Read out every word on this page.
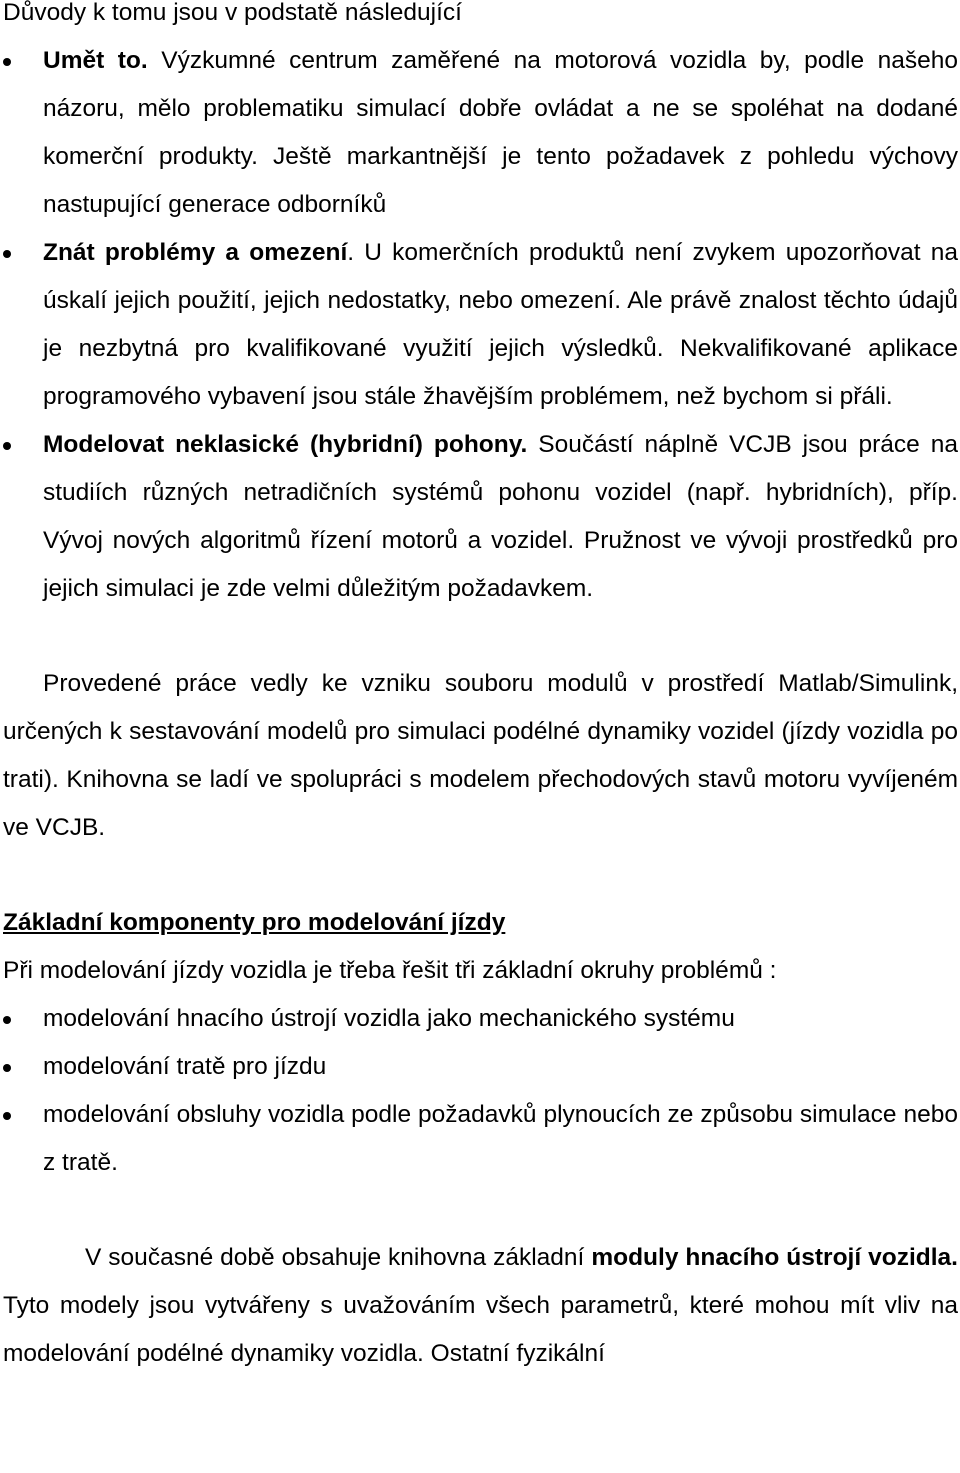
Důvody k tomu jsou v podstatě následující

Umět to. Výzkumné centrum zaměřené na motorová vozidla by, podle našeho názoru, mělo problematiku simulací dobře ovládat a ne se spoléhat na dodané komerční produkty. Ještě markantnější je tento požadavek z pohledu výchovy nastupující generace odborníků
Znát problémy a omezení. U komerčních produktů není zvykem upozorňovat na úskalí jejich použití, jejich nedostatky, nebo omezení. Ale právě znalost těchto údajů je nezbytná pro kvalifikované využití jejich výsledků. Nekvalifikované aplikace programového vybavení jsou stále žhavějším problémem, než bychom si přáli.
Modelovat neklasické (hybridní) pohony. Součástí náplně VCJB jsou práce na studiích různých netradičních systémů pohonu vozidel (např. hybridních), příp. Vývoj nových algoritmů řízení motorů a vozidel. Pružnost ve vývoji prostředků pro jejich simulaci je zde velmi důležitým požadavkem.

Provedené práce vedly ke vzniku souboru modulů v prostředí Matlab/Simulink, určených k sestavování modelů pro simulaci podélné dynamiky vozidel (jízdy vozidla po trati). Knihovna se ladí ve spolupráci s modelem přechodových stavů motoru vyvíjeném ve VCJB.

Základní komponenty pro modelování jízdy

Při modelování jízdy vozidla je třeba řešit tři základní okruhy problémů :

modelování hnacího ústrojí vozidla jako mechanického systému
modelování tratě pro jízdu
modelování obsluhy vozidla podle požadavků plynoucích ze způsobu simulace nebo z tratě.

V současné době obsahuje knihovna základní moduly hnacího ústrojí vozidla. Tyto modely jsou vytvářeny s uvažováním všech parametrů, které mohou mít vliv na modelování podélné dynamiky vozidla. Ostatní fyzikální
